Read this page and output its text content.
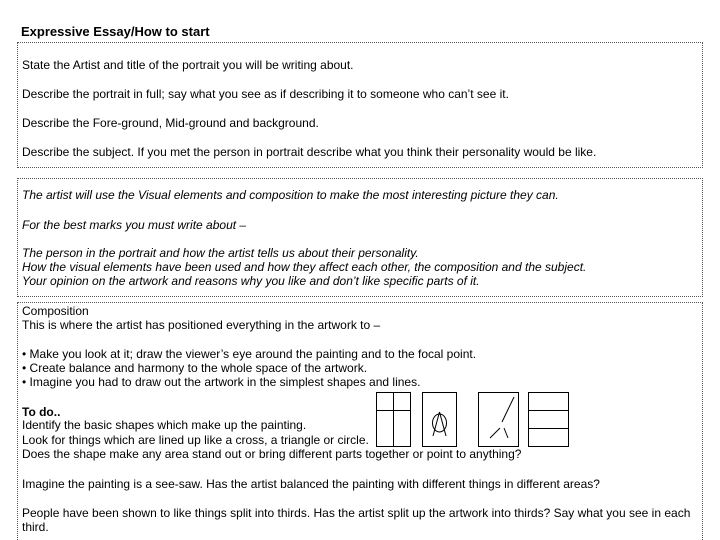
Expressive Essay/How to start
State the Artist and title of the portrait you will be writing about.
Describe the portrait in full; say what you see as if describing it to someone who can’t see it.
Describe the Fore-ground, Mid-ground and background.
Describe the subject. If you met the person in portrait describe what you think their personality would be like.
The artist will use the Visual elements and composition to make the most interesting picture they can.
For the best marks you must write about –
The person in the portrait and how the artist tells us about their personality.
How the visual elements have been used and how they affect each other, the composition and the subject.
Your opinion on the artwork and reasons why you like and don’t like specific parts of it.
Composition
This is where the artist has positioned everything in the artwork to –
• Make you look at it; draw the viewer’s eye around the painting and to the focal point.
• Create balance and harmony to the whole space of the artwork.
• Imagine you had to draw out the artwork in the simplest shapes and lines.
To do..
Identify the basic shapes which make up the painting.
Look for things which are lined up like a cross, a triangle or circle.
Does the shape make any area stand out or bring different parts together or point to anything?
Imagine the painting is a see-saw. Has the artist balanced the painting with different things in different areas?
People have been shown to like things split into thirds. Has the artist split up the artwork into thirds? Say what you see in each
third.
